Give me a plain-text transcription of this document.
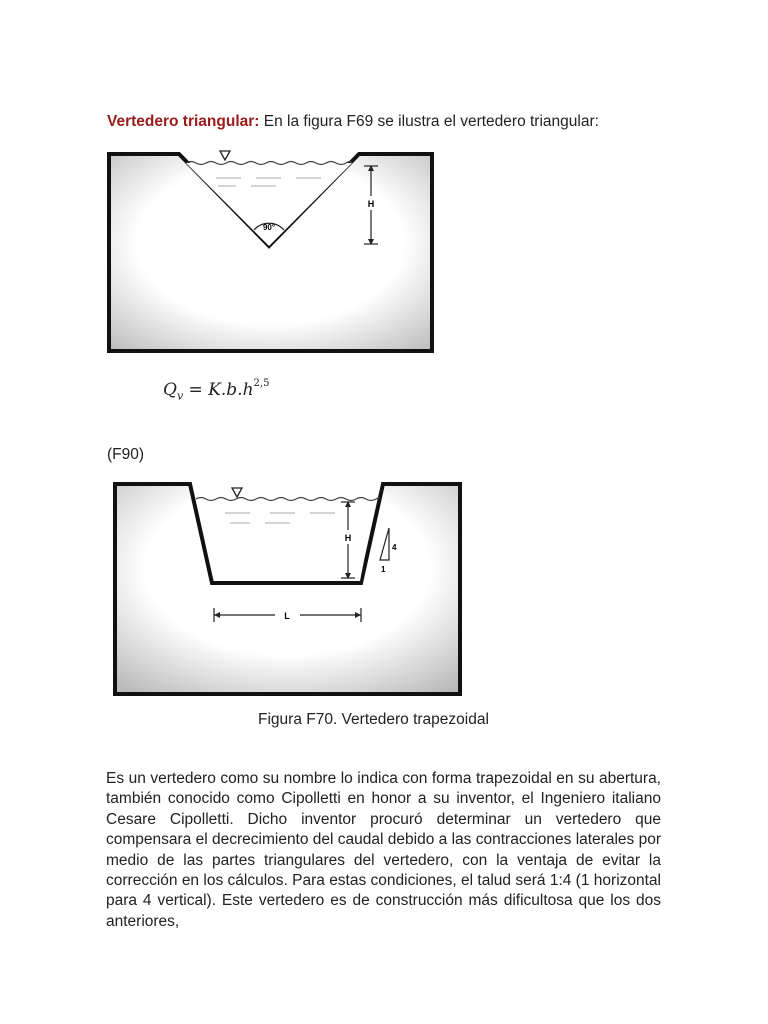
Vertedero triangular: En la figura F69 se ilustra el vertedero triangular:
90°
H
$Q_v = K.b.h^{2,5}$
(F90)
H
4
1
L
Figura F70. Vertedero trapezoidal
Es un vertedero como su nombre lo indica con forma trapezoidal en su abertura, también conocido como Cipolletti en honor a su inventor, el Ingeniero italiano Cesare Cipolletti. Dicho inventor procuró determinar un vertedero que compensara el decrecimiento del caudal debido a las contracciones laterales por medio de las partes triangulares del vertedero, con la ventaja de evitar la corrección en los cálculos. Para estas condiciones, el talud será 1:4 (1 horizontal para 4 vertical). Este vertedero es de construcción más dificultosa que los dos anteriores,
